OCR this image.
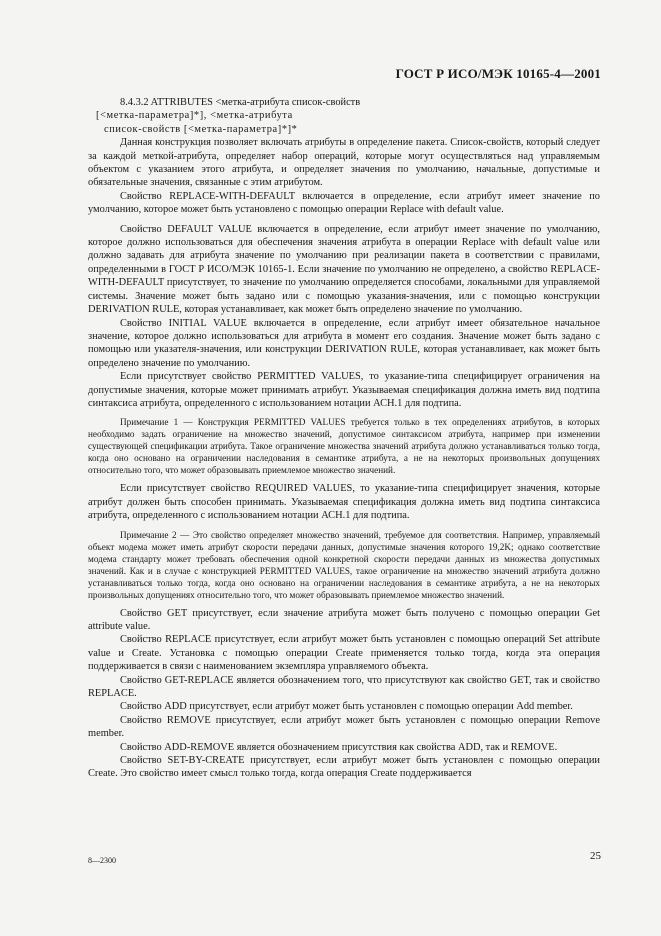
ГОСТ Р ИСО/МЭК 10165-4—2001

8.4.3.2 ATTRIBUTES <метка-атрибута список-свойств

[<метка-параметра]*], <метка-атрибута

список-свойств [<метка-параметра]*]*

Данная конструкция позволяет включать атрибуты в определение пакета. Список-свойств, который следует за каждой меткой-атрибута, определяет набор операций, которые могут осуществляться над управляемым объектом с указанием этого атрибута, и определяет значения по умолчанию, начальные, допустимые и обязательные значения, связанные с этим атрибутом.

Свойство REPLACE-WITH-DEFAULT включается в определение, если атрибут имеет значение по умолчанию, которое может быть установлено с помощью операции Replace with default value.

Свойство DEFAULT VALUE включается в определение, если атрибут имеет значение по умолчанию, которое должно использоваться для обеспечения значения атрибута в операции Replace with default value или должно задавать для атрибута значение по умолчанию при реализации пакета в соответствии с правилами, определенными в ГОСТ Р ИСО/МЭК 10165-1. Если значение по умолчанию не определено, а свойство REPLACE-WITH-DEFAULT присутствует, то значение по умолчанию определяется способами, локальными для управляемой системы. Значение может быть задано или с помощью указания-значения, или с помощью конструкции DERIVATION RULE, которая устанавливает, как может быть определено значение по умолчанию.

Свойство INITIAL VALUE включается в определение, если атрибут имеет обязательное начальное значение, которое должно использоваться для атрибута в момент его создания. Значение может быть задано с помощью или указателя-значения, или конструкции DERIVATION RULE, которая устанавливает, как может быть определено значение по умолчанию.

Если присутствует свойство PERMITTED VALUES, то указание-типа специфицирует ограничения на допустимые значения, которые может принимать атрибут. Указываемая спецификация должна иметь вид подтипа синтаксиса атрибута, определенного с использованием нотации АСН.1 для подтипа.

Примечание 1 — Конструкция PERMITTED VALUES требуется только в тех определениях атрибутов, в которых необходимо задать ограничение на множество значений, допустимое синтаксисом атрибута, например при изменении существующей спецификации атрибута. Такое ограничение множества значений атрибута должно устанавливаться только тогда, когда оно основано на ограничении наследования в семантике атрибута, а не на некоторых произвольных допущениях относительно того, что может образовывать приемлемое множество значений.

Если присутствует свойство REQUIRED VALUES, то указание-типа специфицирует значения, которые атрибут должен быть способен принимать. Указываемая спецификация должна иметь вид подтипа синтаксиса атрибута, определенного с использованием нотации АСН.1 для подтипа.

Примечание 2 — Это свойство определяет множество значений, требуемое для соответствия. Например, управляемый объект модема может иметь атрибут скорости передачи данных, допустимые значения которого 19,2K; однако соответствие модема стандарту может требовать обеспечения одной конкретной скорости передачи данных из множества допустимых значений. Как и в случае с конструкцией PERMITTED VALUES, такое ограничение на множество значений атрибута должно устанавливаться только тогда, когда оно основано на ограничении наследования в семантике атрибута, а не на некоторых произвольных допущениях относительно того, что может образовывать приемлемое множество значений.

Свойство GET присутствует, если значение атрибута может быть получено с помощью операции Get attribute value.

Свойство REPLACE присутствует, если атрибут может быть установлен с помощью операций Set attribute value и Create. Установка с помощью операции Create применяется только тогда, когда эта операция поддерживается в связи с наименованием экземпляра управляемого объекта.

Свойство GET-REPLACE является обозначением того, что присутствуют как свойство GET, так и свойство REPLACE.

Свойство ADD присутствует, если атрибут может быть установлен с помощью операции Add member.

Свойство REMOVE присутствует, если атрибут может быть установлен с помощью операции Remove member.

Свойство ADD-REMOVE является обозначением присутствия как свойства ADD, так и REMOVE.

Свойство SET-BY-CREATE присутствует, если атрибут может быть установлен с помощью операции Create. Это свойство имеет смысл только тогда, когда операция Create поддерживается

8—2300	25
